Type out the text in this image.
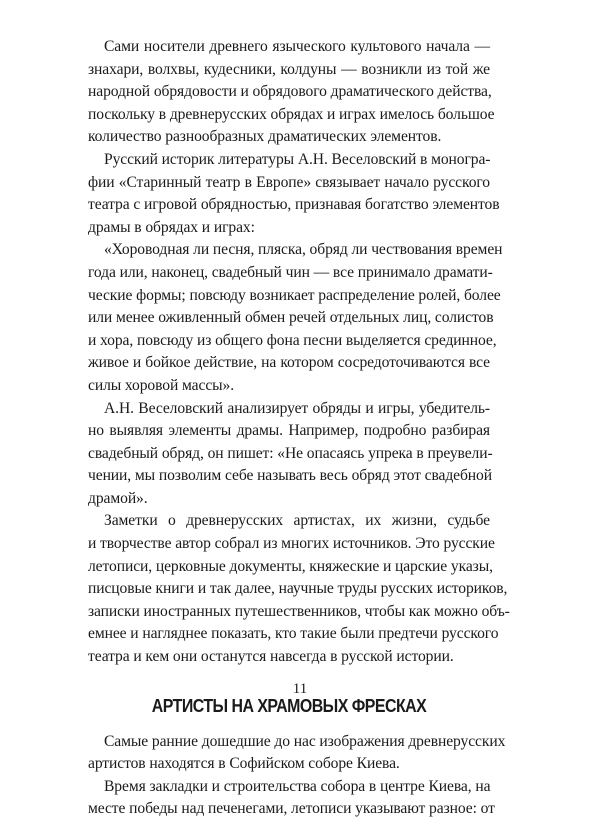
Сами носители древнего языческого культового начала —
знахари, волхвы, кудесники, колдуны — возникли из той же
народной обрядовости и обрядового драматического действа,
поскольку в древнерусских обрядах и играх имелось большое
количество разнообразных драматических элементов.
Русский историк литературы А.Н. Веселовский в моногра-
фии «Старинный театр в Европе» связывает начало русского
театра с игровой обрядностью, признавая богатство элементов
драмы в обрядах и играх:
«Хороводная ли песня, пляска, обряд ли чествования времен
года или, наконец, свадебный чин — все принимало драмати-
ческие формы; повсюду возникает распределение ролей, более
или менее оживленный обмен речей отдельных лиц, солистов
и хора, повсюду из общего фона песни выделяется срединное,
живое и бойкое действие, на котором сосредоточиваются все
силы хоровой массы».
А.Н. Веселовский анализирует обряды и игры, убедитель-
но выявляя элементы драмы. Например, подробно разбирая
свадебный обряд, он пишет: «Не опасаясь упрека в преувели-
чении, мы позволим себе называть весь обряд этот свадебной
драмой».
Заметки о древнерусских артистах, их жизни, судьбе
и творчестве автор собрал из многих источников. Это русские
летописи, церковные документы, княжеские и царские указы,
писцовые книги и так далее, научные труды русских историков,
записки иностранных путешественников, чтобы как можно объ-
емнее и нагляднее показать, кто такие были предтечи русского
театра и кем они останутся навсегда в русской истории.
АРТИСТЫ НА ХРАМОВЫХ ФРЕСКАХ
Самые ранние дошедшие до нас изображения древнерусских
артистов находятся в Софийском соборе Киева.
Время закладки и строительства собора в центре Киева, на
месте победы над печенегами, летописи указывают разное: от
11
